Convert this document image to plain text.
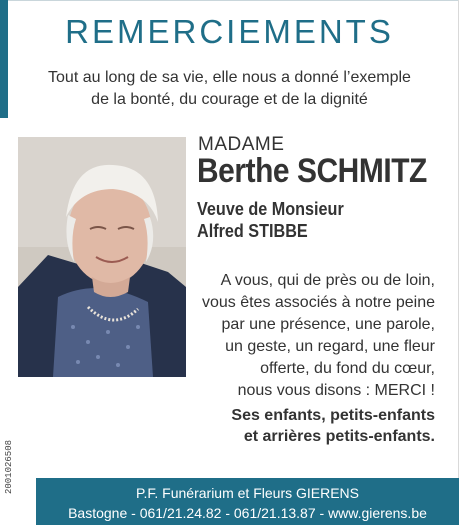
REMERCIEMENTS
Tout au long de sa vie, elle nous a donné l’exemple
de la bonté, du courage et de la dignité
MADAME
Berthe SCHMITZ
Veuve de Monsieur
Alfred STIBBE
A vous, qui de près ou de loin,
vous êtes associés à notre peine
par une présence, une parole,
un geste, un regard, une fleur
offerte, du fond du cœur,
nous vous disons : MERCI !
Ses enfants, petits-enfants
et arrières petits-enfants.
2001026508	P.F. Funérarium et Fleurs GIERENS
Bastogne - 061/21.24.82 - 061/21.13.87 - www.gierens.be
